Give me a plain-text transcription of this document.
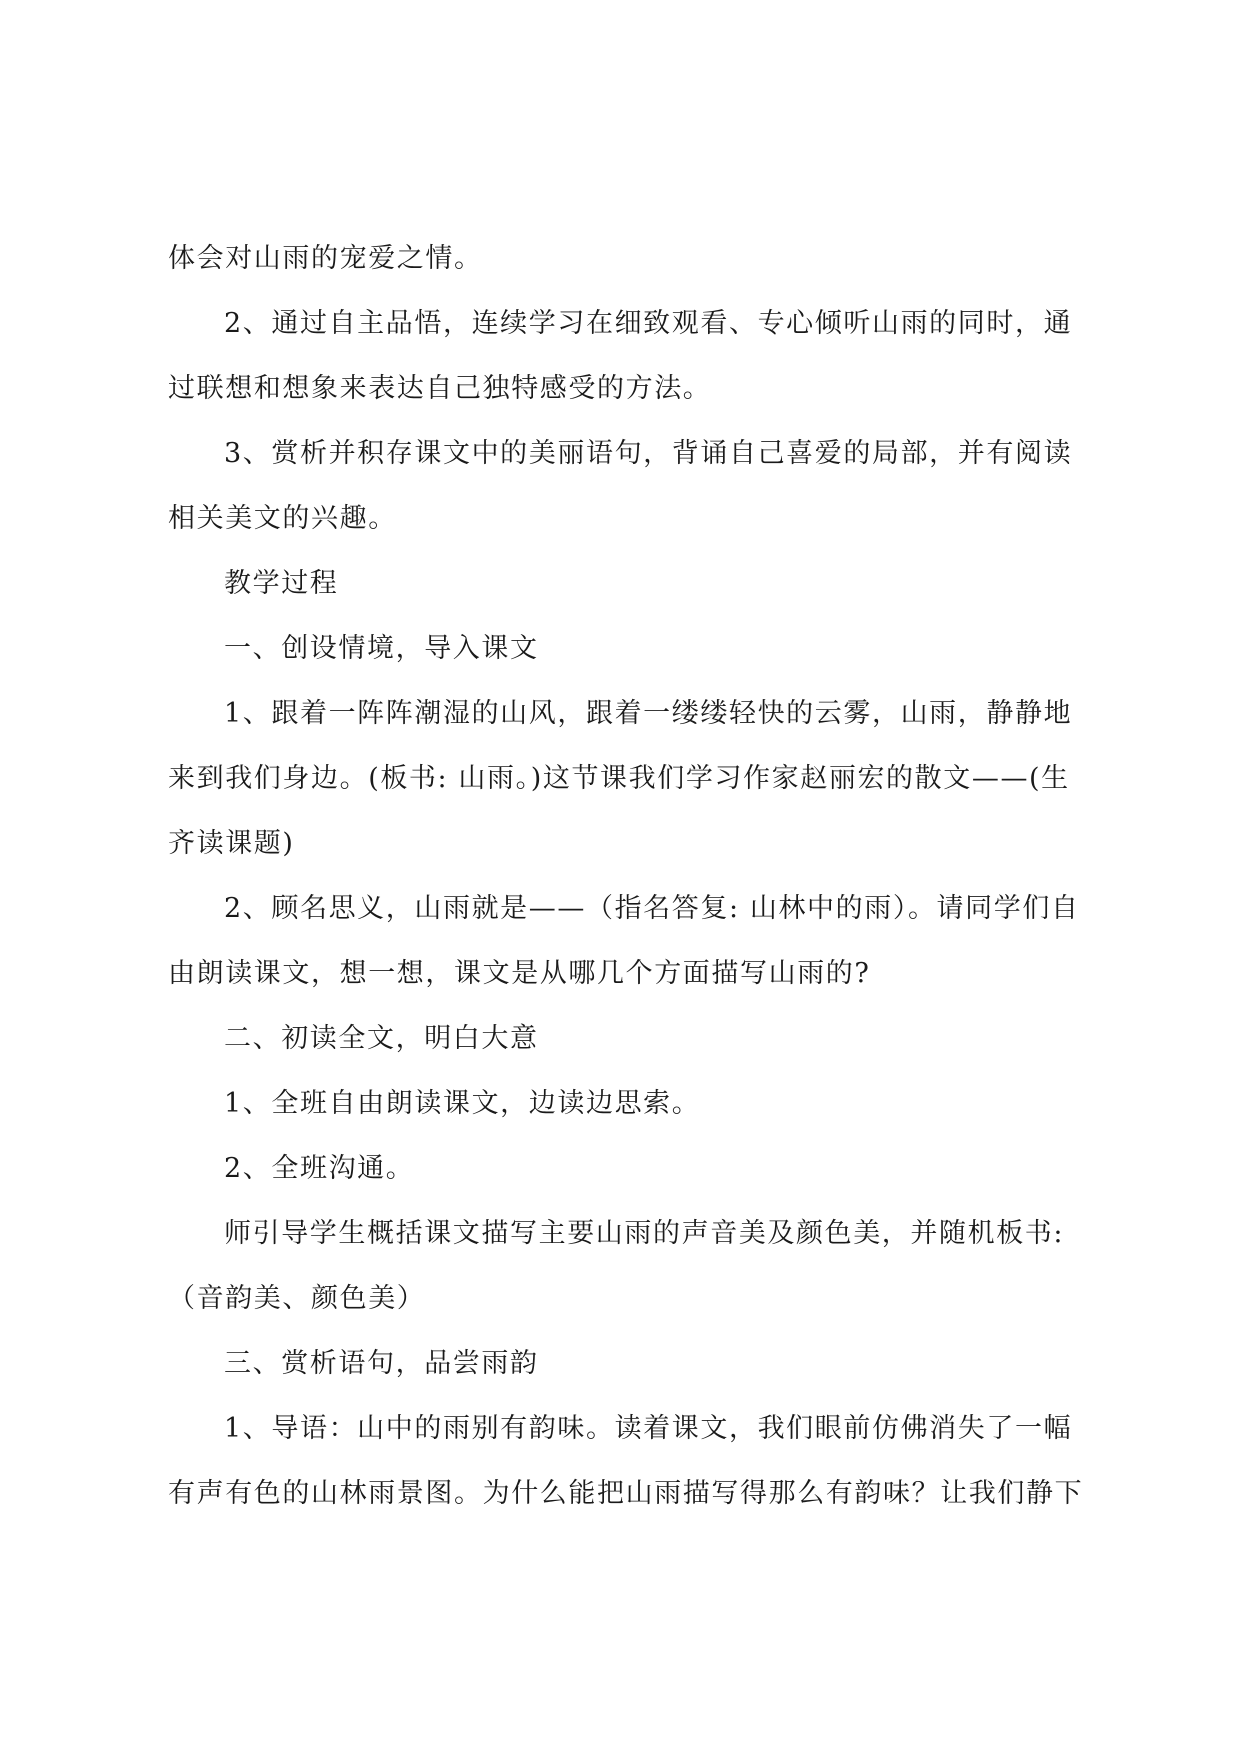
体会对山雨的宠爱之情。

2、通过自主品悟，连续学习在细致观看、专心倾听山雨的同时，通

过联想和想象来表达自己独特感受的方法。

3、赏析并积存课文中的美丽语句，背诵自己喜爱的局部，并有阅读

相关美文的兴趣。

教学过程

一、创设情境，导入课文

1、跟着一阵阵潮湿的山风，跟着一缕缕轻快的云雾，山雨，静静地

来到我们身边。(板书: 山雨。)这节课我们学习作家赵丽宏的散文——(生

齐读课题)

2、顾名思义，山雨就是——（指名答复: 山林中的雨）。请同学们自

由朗读课文，想一想，课文是从哪几个方面描写山雨的?

二、初读全文，明白大意

1、全班自由朗读课文，边读边思索。

2、全班沟通。

师引导学生概括课文描写主要山雨的声音美及颜色美，并随机板书:

（音韵美、颜色美）

三、赏析语句，品尝雨韵

1、导语：山中的雨别有韵味。读着课文，我们眼前仿佛消失了一幅

有声有色的山林雨景图。为什么能把山雨描写得那么有韵味？让我们静下
